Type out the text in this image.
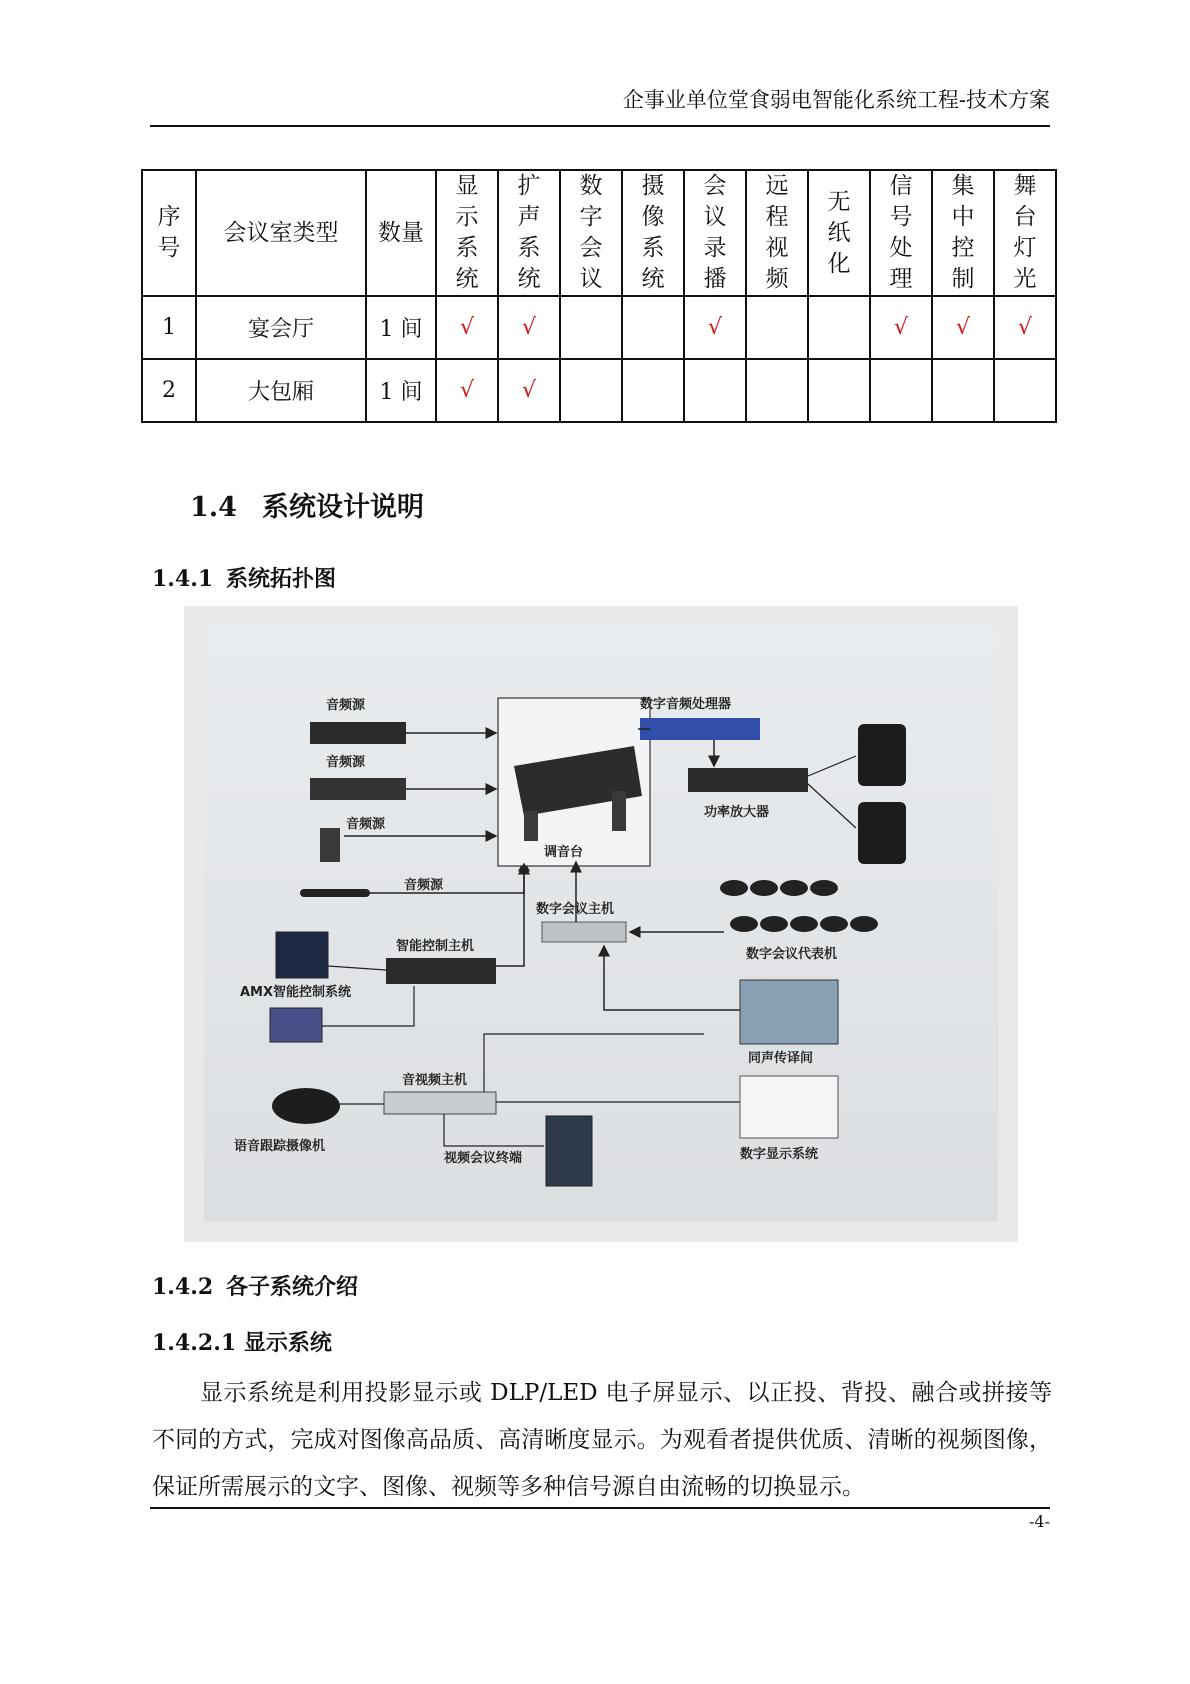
企事业单位堂食弱电智能化系统工程-技术方案
序号	会议室类型	数量	显示系统	扩声系统	数字会议	摄像系统	会议录播	远程视频	无纸化	信号处理	集中控制	舞台灯光
1	宴会厅	1 间	√	√			√			√	√	√
2	大包厢	1 间	√	√								
1.4 系统设计说明
1.4.1 系统拓扑图
音频源
音频源
音频源
音频源
调音台
数字音频处理器
功率放大器
数字会议主机
数字会议代表机
智能控制主机
AMX智能控制系统
同声传译间
音视频主机
语音跟踪摄像机
视频会议终端	数字显示系统
1.4.2 各子系统介绍
1.4.2.1 显示系统
显示系统是利用投影显示或 DLP/LED 电子屏显示、以正投、背投、融合或拼接等不同的方式，完成对图像高品质、高清晰度显示。为观看者提供优质、清晰的视频图像，保证所需展示的文字、图像、视频等多种信号源自由流畅的切换显示。
-4-
